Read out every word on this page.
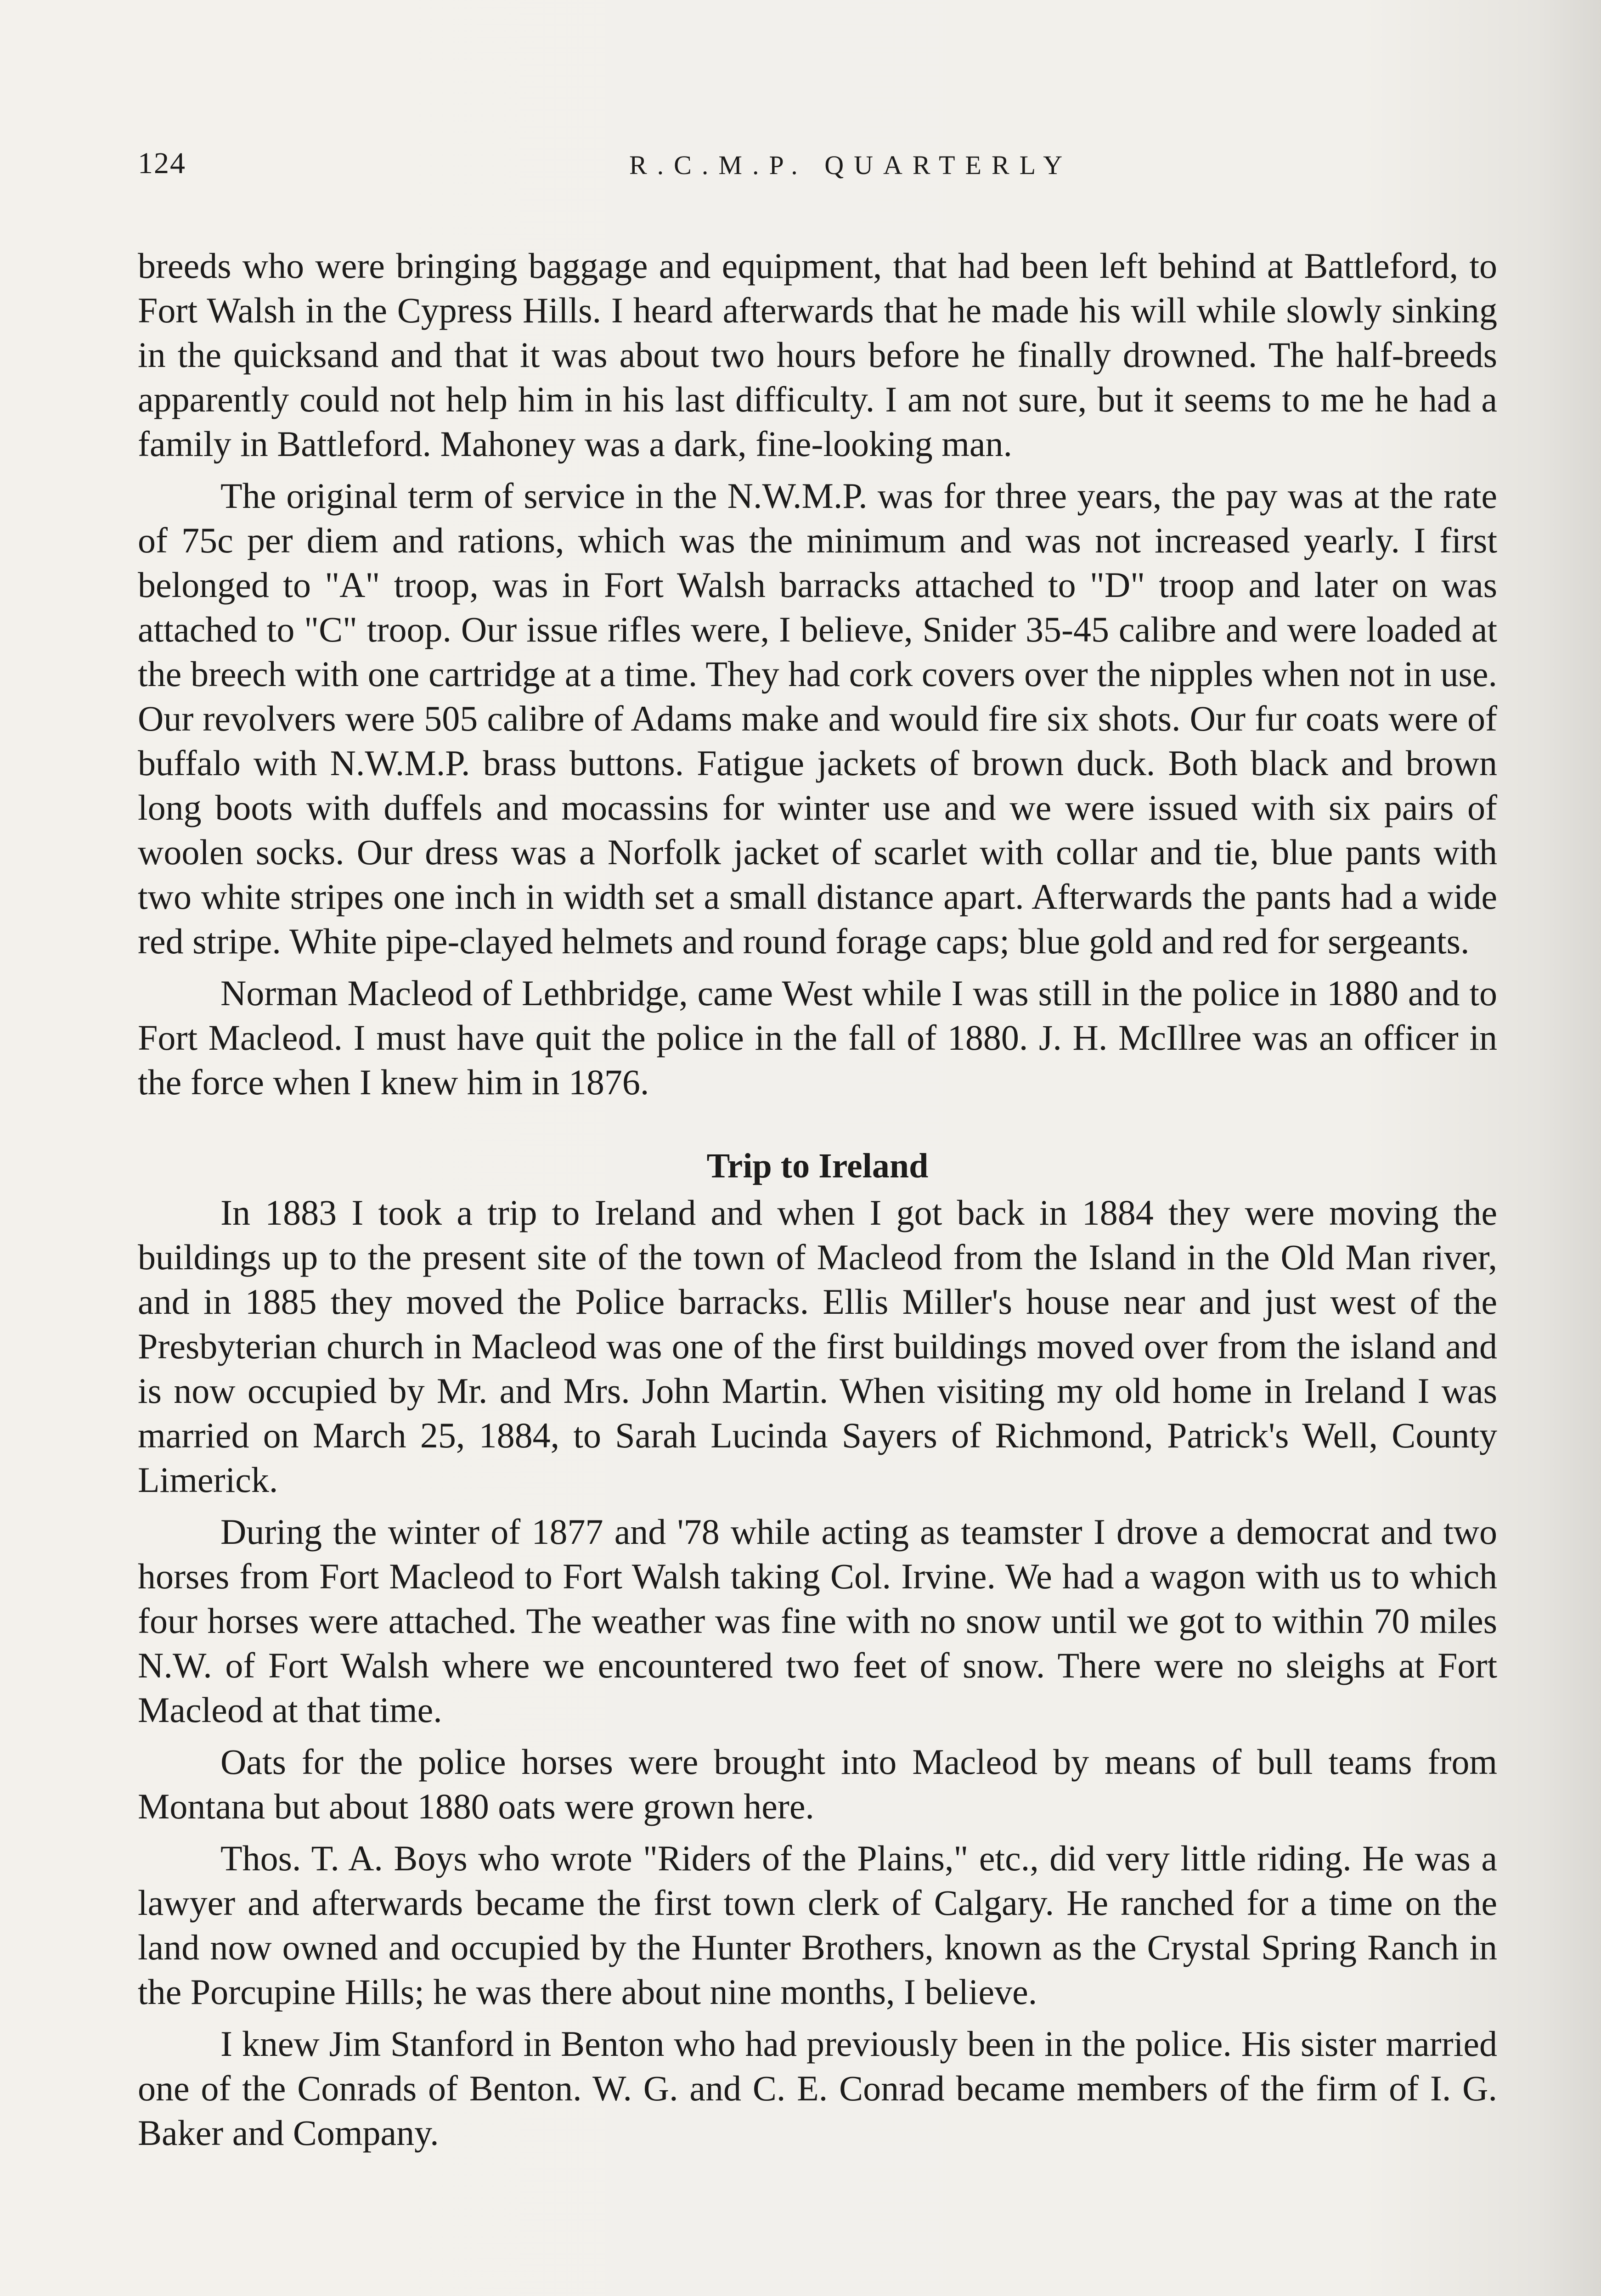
124	R.C.M.P. QUARTERLY

breeds who were bringing baggage and equipment, that had been left behind at Battleford, to Fort Walsh in the Cypress Hills. I heard afterwards that he made his will while slowly sinking in the quicksand and that it was about two hours before he finally drowned. The half-breeds apparently could not help him in his last difficulty. I am not sure, but it seems to me he had a family in Battleford. Mahoney was a dark, fine-looking man.

The original term of service in the N.W.M.P. was for three years, the pay was at the rate of 75c per diem and rations, which was the minimum and was not increased yearly. I first belonged to "A" troop, was in Fort Walsh barracks attached to "D" troop and later on was attached to "C" troop. Our issue rifles were, I believe, Snider 35-45 calibre and were loaded at the breech with one cartridge at a time. They had cork covers over the nipples when not in use. Our revolvers were 505 calibre of Adams make and would fire six shots. Our fur coats were of buffalo with N.W.M.P. brass buttons. Fatigue jackets of brown duck. Both black and brown long boots with duffels and mocassins for winter use and we were issued with six pairs of woolen socks. Our dress was a Norfolk jacket of scarlet with collar and tie, blue pants with two white stripes one inch in width set a small distance apart. Afterwards the pants had a wide red stripe. White pipe-clayed helmets and round forage caps; blue gold and red for sergeants.

Norman Macleod of Lethbridge, came West while I was still in the police in 1880 and to Fort Macleod. I must have quit the police in the fall of 1880. J. H. McIllree was an officer in the force when I knew him in 1876.

Trip to Ireland

In 1883 I took a trip to Ireland and when I got back in 1884 they were moving the buildings up to the present site of the town of Macleod from the Island in the Old Man river, and in 1885 they moved the Police barracks. Ellis Miller's house near and just west of the Presbyterian church in Macleod was one of the first buildings moved over from the island and is now occupied by Mr. and Mrs. John Martin. When visiting my old home in Ireland I was married on March 25, 1884, to Sarah Lucinda Sayers of Richmond, Patrick's Well, County Limerick.

During the winter of 1877 and '78 while acting as teamster I drove a democrat and two horses from Fort Macleod to Fort Walsh taking Col. Irvine. We had a wagon with us to which four horses were attached. The weather was fine with no snow until we got to within 70 miles N.W. of Fort Walsh where we encountered two feet of snow. There were no sleighs at Fort Macleod at that time.

Oats for the police horses were brought into Macleod by means of bull teams from Montana but about 1880 oats were grown here.

Thos. T. A. Boys who wrote "Riders of the Plains," etc., did very little riding. He was a lawyer and afterwards became the first town clerk of Calgary. He ranched for a time on the land now owned and occupied by the Hunter Brothers, known as the Crystal Spring Ranch in the Porcupine Hills; he was there about nine months, I believe.

I knew Jim Stanford in Benton who had previously been in the police. His sister married one of the Conrads of Benton. W. G. and C. E. Conrad became members of the firm of I. G. Baker and Company.
